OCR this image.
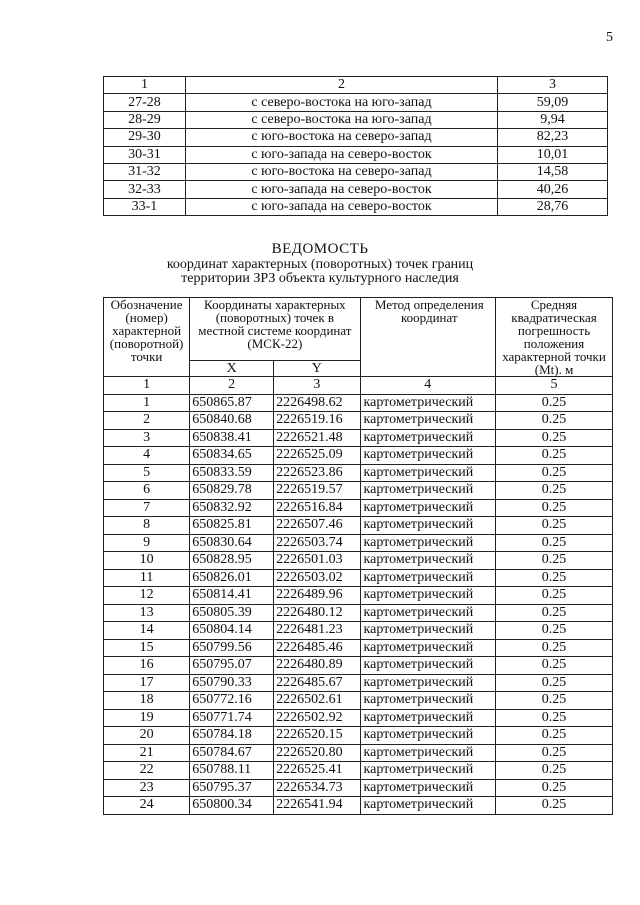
5
1	2	3
27-28	с северо-востока на юго-запад	59,09
28-29	с северо-востока на юго-запад	9,94
29-30	с юго-востока на северо-запад	82,23
30-31	с юго-запада на северо-восток	10,01
31-32	с юго-востока на северо-запад	14,58
32-33	с юго-запада на северо-восток	40,26
33-1	с юго-запада на северо-восток	28,76
ВЕДОМОСТЬ
координат характерных (поворотных) точек границ
территории ЗРЗ объекта культурного наследия
Обозначение (номер) характерной (поворотной) точки	Координаты характерных (поворотных) точек в местной системе координат (МСК-22)		Метод определения координат	Средняя квадратическая погрешность положения характерной точки (Mt). м
	X	Y		
1	2	3	4	5
1	650865.87	2226498.62	картометрический	0.25
2	650840.68	2226519.16	картометрический	0.25
3	650838.41	2226521.48	картометрический	0.25
4	650834.65	2226525.09	картометрический	0.25
5	650833.59	2226523.86	картометрический	0.25
6	650829.78	2226519.57	картометрический	0.25
7	650832.92	2226516.84	картометрический	0.25
8	650825.81	2226507.46	картометрический	0.25
9	650830.64	2226503.74	картометрический	0.25
10	650828.95	2226501.03	картометрический	0.25
11	650826.01	2226503.02	картометрический	0.25
12	650814.41	2226489.96	картометрический	0.25
13	650805.39	2226480.12	картометрический	0.25
14	650804.14	2226481.23	картометрический	0.25
15	650799.56	2226485.46	картометрический	0.25
16	650795.07	2226480.89	картометрический	0.25
17	650790.33	2226485.67	картометрический	0.25
18	650772.16	2226502.61	картометрический	0.25
19	650771.74	2226502.92	картометрический	0.25
20	650784.18	2226520.15	картометрический	0.25
21	650784.67	2226520.80	картометрический	0.25
22	650788.11	2226525.41	картометрический	0.25
23	650795.37	2226534.73	картометрический	0.25
24	650800.34	2226541.94	картометрический	0.25
